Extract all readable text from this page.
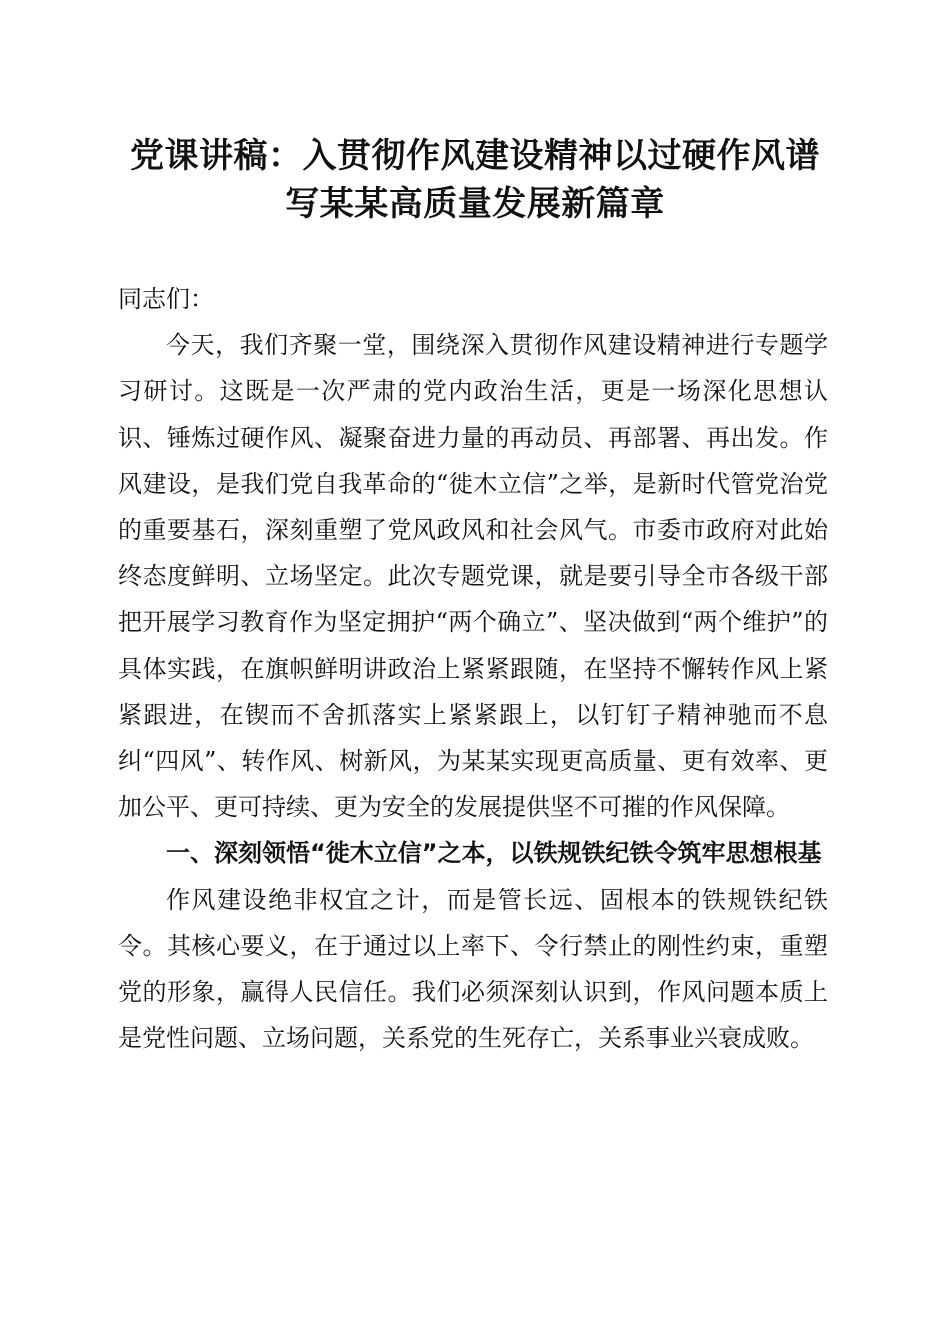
党课讲稿：入贯彻作风建设精神以过硬作风谱
写某某高质量发展新篇章

同志们：

今天，我们齐聚一堂，围绕深入贯彻作风建设精神进行专题学习研讨。这既是一次严肃的党内政治生活，更是一场深化思想认识、锤炼过硬作风、凝聚奋进力量的再动员、再部署、再出发。作风建设，是我们党自我革命的“徙木立信”之举，是新时代管党治党的重要基石，深刻重塑了党风政风和社会风气。市委市政府对此始终态度鲜明、立场坚定。此次专题党课，就是要引导全市各级干部把开展学习教育作为坚定拥护“两个确立”、坚决做到“两个维护”的具体实践，在旗帜鲜明讲政治上紧紧跟随，在坚持不懈转作风上紧紧跟进，在锲而不舍抓落实上紧紧跟上，以钉钉子精神驰而不息纠“四风”、转作风、树新风，为某某实现更高质量、更有效率、更加公平、更可持续、更为安全的发展提供坚不可摧的作风保障。

一、深刻领悟“徙木立信”之本，以铁规铁纪铁令筑牢思想根基

作风建设绝非权宜之计，而是管长远、固根本的铁规铁纪铁令。其核心要义，在于通过以上率下、令行禁止的刚性约束，重塑党的形象，赢得人民信任。我们必须深刻认识到，作风问题本质上是党性问题、立场问题，关系党的生死存亡，关系事业兴衰成败。
